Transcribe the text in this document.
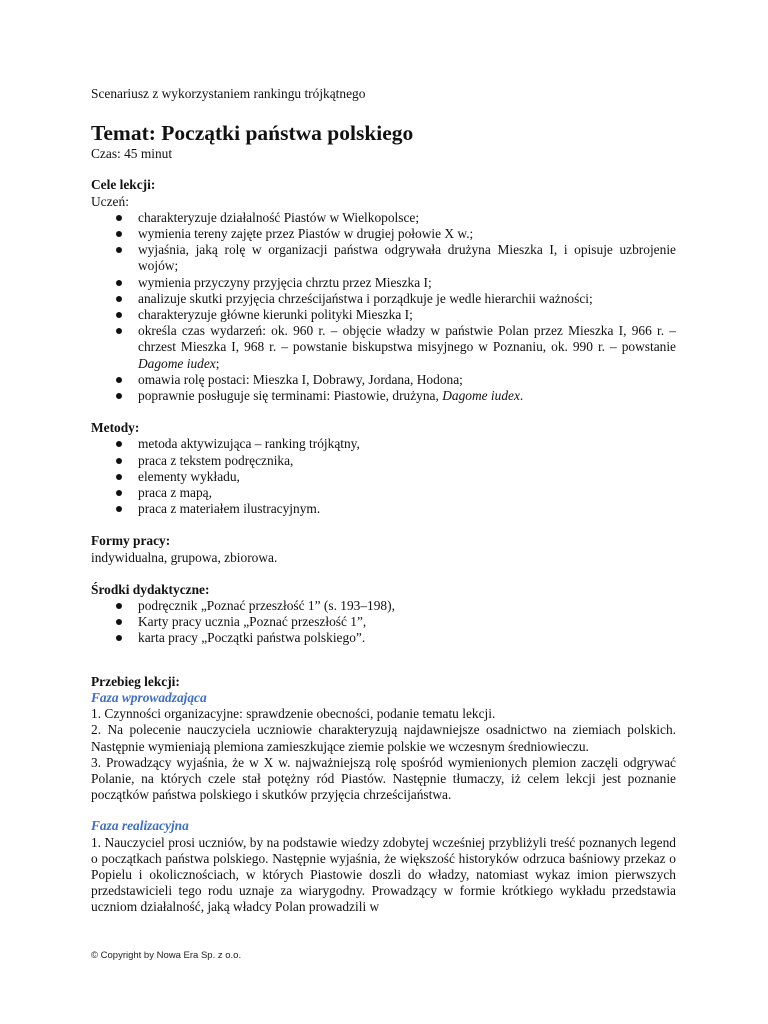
Scenariusz z wykorzystaniem rankingu trójkątnego

Temat: Początki państwa polskiego

Czas: 45 minut

Cele lekcji:

Uczeń:

charakteryzuje działalność Piastów w Wielkopolsce;
wymienia tereny zajęte przez Piastów w drugiej połowie X w.;
wyjaśnia, jaką rolę w organizacji państwa odgrywała drużyna Mieszka I, i opisuje uzbrojenie wojów;
wymienia przyczyny przyjęcia chrztu przez Mieszka I;
analizuje skutki przyjęcia chrześcijaństwa i porządkuje je wedle hierarchii ważności;
charakteryzuje główne kierunki polityki Mieszka I;
określa czas wydarzeń: ok. 960 r. – objęcie władzy w państwie Polan przez Mieszka I, 966 r. – chrzest Mieszka I, 968 r. – powstanie biskupstwa misyjnego w Poznaniu, ok. 990 r. – powstanie Dagome iudex;
omawia rolę postaci: Mieszka I, Dobrawy, Jordana, Hodona;
poprawnie posługuje się terminami: Piastowie, drużyna, Dagome iudex.

Metody:

metoda aktywizująca – ranking trójkątny,
praca z tekstem podręcznika,
elementy wykładu,
praca z mapą,
praca z materiałem ilustracyjnym.

Formy pracy:

indywidualna, grupowa, zbiorowa.

Środki dydaktyczne:

podręcznik „Poznać przeszłość 1” (s. 193–198),
Karty pracy ucznia „Poznać przeszłość 1”,
karta pracy „Początki państwa polskiego”.

Przebieg lekcji:

Faza wprowadzająca

1. Czynności organizacyjne: sprawdzenie obecności, podanie tematu lekcji.

2. Na polecenie nauczyciela uczniowie charakteryzują najdawniejsze osadnictwo na ziemiach polskich. Następnie wymieniają plemiona zamieszkujące ziemie polskie we wczesnym średniowieczu.

3. Prowadzący wyjaśnia, że w X w. najważniejszą rolę spośród wymienionych plemion zaczęli odgrywać Polanie, na których czele stał potężny ród Piastów. Następnie tłumaczy, iż celem lekcji jest poznanie początków państwa polskiego i skutków przyjęcia chrześcijaństwa.

Faza realizacyjna

1. Nauczyciel prosi uczniów, by na podstawie wiedzy zdobytej wcześniej przybliżyli treść poznanych legend o początkach państwa polskiego. Następnie wyjaśnia, że większość historyków odrzuca baśniowy przekaz o Popielu i okolicznościach, w których Piastowie doszli do władzy, natomiast wykaz imion pierwszych przedstawicieli tego rodu uznaje za wiarygodny. Prowadzący w formie krótkiego wykładu przedstawia uczniom działalność, jaką władcy Polan prowadzili w

© Copyright by Nowa Era Sp. z o.o.
